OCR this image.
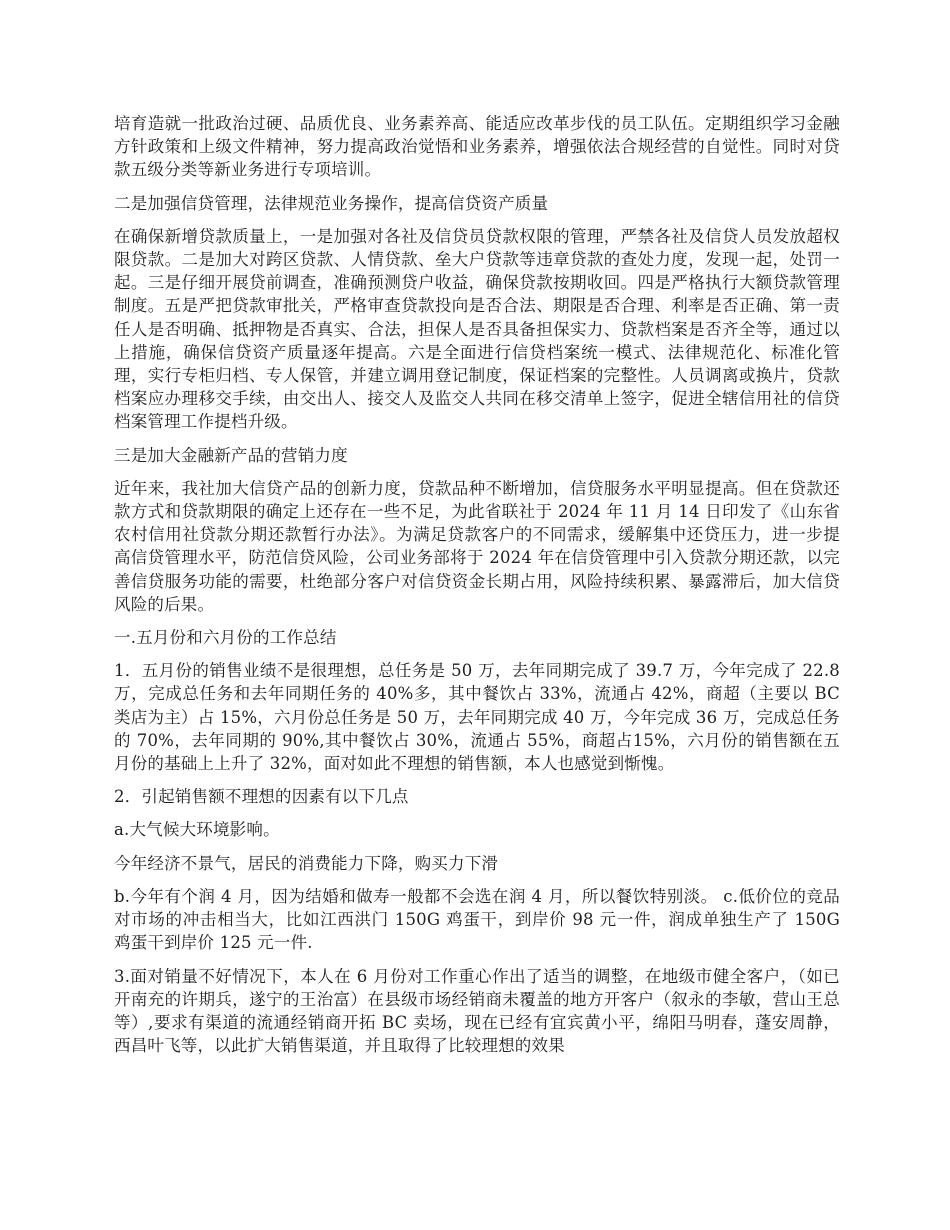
培育造就一批政治过硬、品质优良、业务素养高、能适应改革步伐的员工队伍。定期组织学习金融方针政策和上级文件精神，努力提高政治觉悟和业务素养，增强依法合规经营的自觉性。同时对贷款五级分类等新业务进行专项培训。

二是加强信贷管理，法律规范业务操作，提高信贷资产质量

在确保新增贷款质量上，一是加强对各社及信贷员贷款权限的管理，严禁各社及信贷人员发放超权限贷款。二是加大对跨区贷款、人情贷款、垒大户贷款等违章贷款的查处力度，发现一起，处罚一起。三是仔细开展贷前调查，准确预测贷户收益，确保贷款按期收回。四是严格执行大额贷款管理制度。五是严把贷款审批关，严格审查贷款投向是否合法、期限是否合理、利率是否正确、第一责任人是否明确、抵押物是否真实、合法，担保人是否具备担保实力、贷款档案是否齐全等，通过以上措施，确保信贷资产质量逐年提高。六是全面进行信贷档案统一模式、法律规范化、标准化管理，实行专柜归档、专人保管，并建立调用登记制度，保证档案的完整性。人员调离或换片，贷款档案应办理移交手续，由交出人、接交人及监交人共同在移交清单上签字，促进全辖信用社的信贷档案管理工作提档升级。

三是加大金融新产品的营销力度

近年来，我社加大信贷产品的创新力度，贷款品种不断增加，信贷服务水平明显提高。但在贷款还款方式和贷款期限的确定上还存在一些不足，为此省联社于 2024 年 11 月 14 日印发了《山东省农村信用社贷款分期还款暂行办法》。为满足贷款客户的不同需求，缓解集中还贷压力，进一步提高信贷管理水平，防范信贷风险，公司业务部将于 2024 年在信贷管理中引入贷款分期还款，以完善信贷服务功能的需要，杜绝部分客户对信贷资金长期占用，风险持续积累、暴露滞后，加大信贷风险的后果。

一.五月份和六月份的工作总结

1．五月份的销售业绩不是很理想，总任务是 50 万，去年同期完成了 39.7 万，今年完成了 22.8 万，完成总任务和去年同期任务的 40%多，其中餐饮占 33%，流通占 42%，商超（主要以 BC 类店为主）占 15%，六月份总任务是 50 万，去年同期完成 40 万，今年完成 36 万，完成总任务的 70%，去年同期的 90%,其中餐饮占 30%，流通占 55%，商超占15%，六月份的销售额在五月份的基础上上升了 32%，面对如此不理想的销售额，本人也感觉到惭愧。

2．引起销售额不理想的因素有以下几点

a.大气候大环境影响。

今年经济不景气，居民的消费能力下降，购买力下滑

b.今年有个润 4 月，因为结婚和做寿一般都不会选在润 4 月，所以餐饮特别淡。 c.低价位的竞品对市场的冲击相当大，比如江西洪门 150G 鸡蛋干，到岸价 98 元一件，润成单独生产了 150G 鸡蛋干到岸价 125 元一件.

3.面对销量不好情况下，本人在 6 月份对工作重心作出了适当的调整，在地级市健全客户，（如已开南充的许期兵，遂宁的王治富）在县级市场经销商未覆盖的地方开客户（叙永的李敏，营山王总等）,要求有渠道的流通经销商开拓 BC 卖场，现在已经有宜宾黄小平，绵阳马明春，蓬安周静，西昌叶飞等，以此扩大销售渠道，并且取得了比较理想的效果
